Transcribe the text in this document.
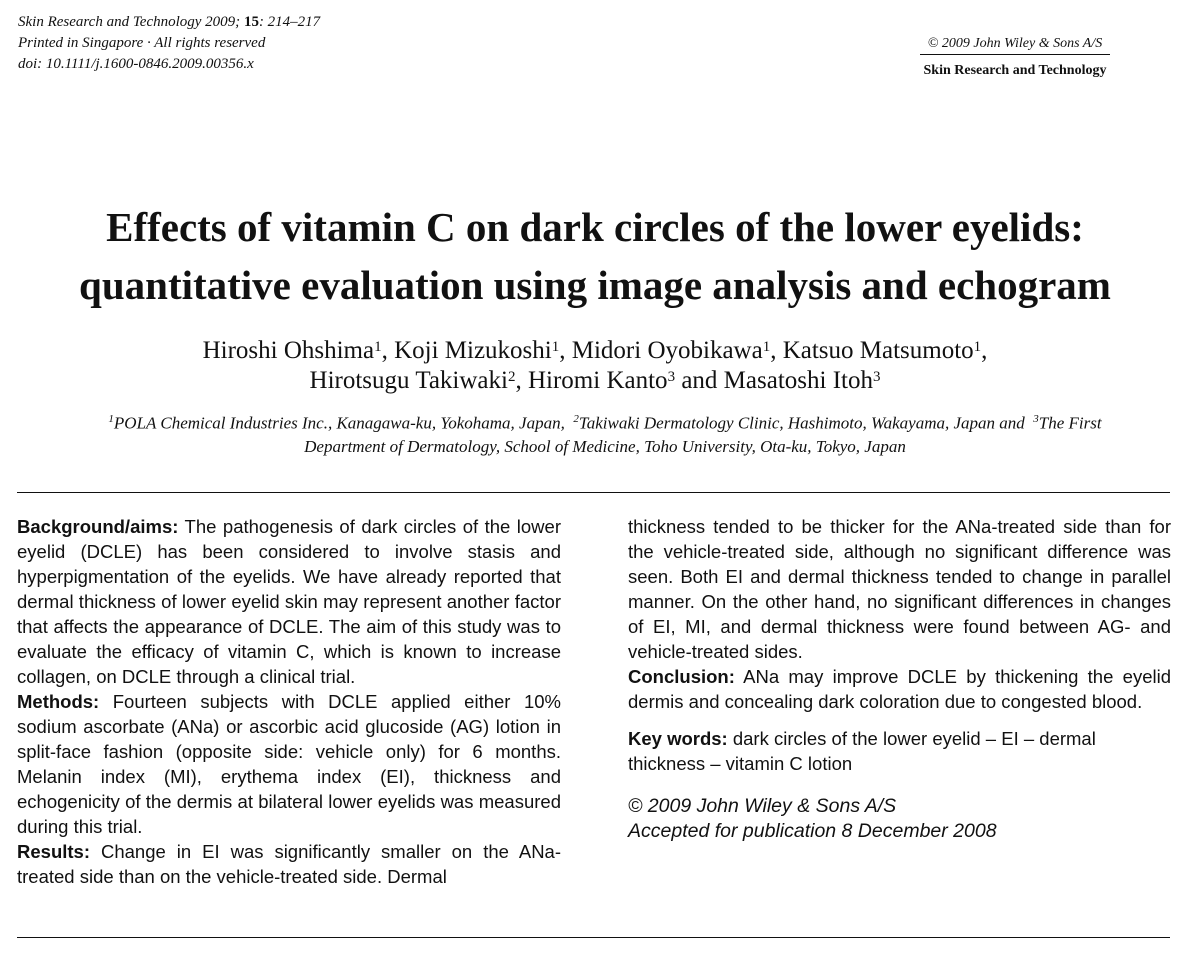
Skin Research and Technology 2009; 15: 214–217
Printed in Singapore · All rights reserved
doi: 10.1111/j.1600-0846.2009.00356.x
© 2009 John Wiley & Sons A/S
Skin Research and Technology
Effects of vitamin C on dark circles of the lower eyelids:
quantitative evaluation using image analysis and echogram
Hiroshi Ohshima$^1$, Koji Mizukoshi$^1$, Midori Oyobikawa$^1$, Katsuo Matsumoto$^1$,
Hirotsugu Takiwaki$^2$, Hiromi Kanto$^3$ and Masatoshi Itoh$^3$
$^1$POLA Chemical Industries Inc., Kanagawa-ku, Yokohama, Japan, $^2$Takiwaki Dermatology Clinic, Hashimoto, Wakayama, Japan and $^3$The First
Department of Dermatology, School of Medicine, Toho University, Ota-ku, Tokyo, Japan

Background/aims: The pathogenesis of dark circles of the lower eyelid (DCLE) has been considered to involve stasis and hyperpigmentation of the eyelids. We have already reported that dermal thickness of lower eyelid skin may represent another factor that affects the appearance of DCLE. The aim of this study was to evaluate the efficacy of vitamin C, which is known to increase collagen, on DCLE through a clinical trial.

Methods: Fourteen subjects with DCLE applied either 10% sodium ascorbate (ANa) or ascorbic acid glucoside (AG) lotion in split-face fashion (opposite side: vehicle only) for 6 months. Melanin index (MI), erythema index (EI), thickness and echogenicity of the dermis at bilateral lower eyelids was measured during this trial.

Results: Change in EI was significantly smaller on the ANa-treated side than on the vehicle-treated side. Dermal

thickness tended to be thicker for the ANa-treated side than for the vehicle-treated side, although no significant difference was seen. Both EI and dermal thickness tended to change in parallel manner. On the other hand, no significant differences in changes of EI, MI, and dermal thickness were found between AG- and vehicle-treated sides.

Conclusion: ANa may improve DCLE by thickening the eyelid dermis and concealing dark coloration due to congested blood.

Key words: dark circles of the lower eyelid – EI – dermal thickness – vitamin C lotion

© 2009 John Wiley & Sons A/S
Accepted for publication 8 December 2008
